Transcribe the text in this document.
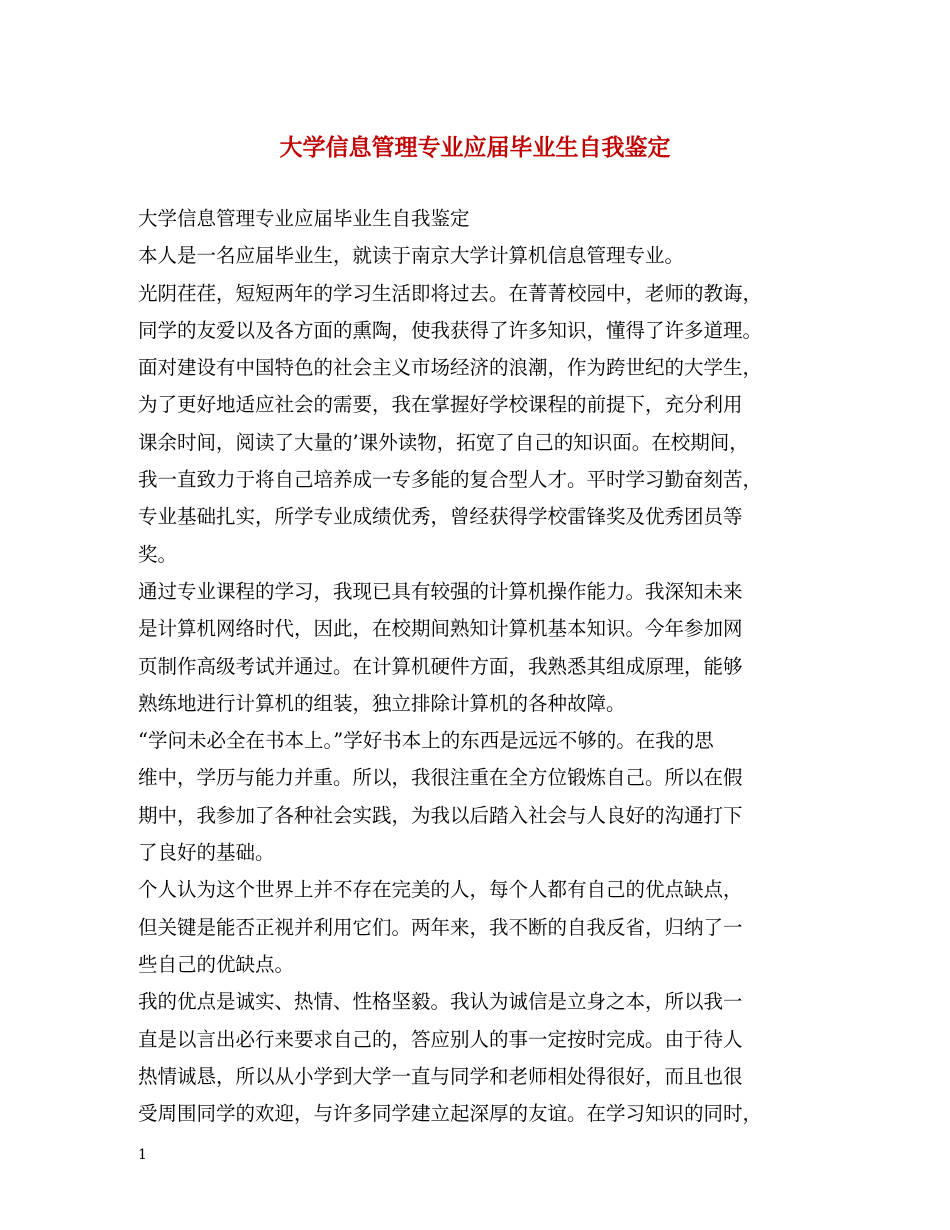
大学信息管理专业应届毕业生自我鉴定
大学信息管理专业应届毕业生自我鉴定
本人是一名应届毕业生，就读于南京大学计算机信息管理专业。
光阴荏荏，短短两年的学习生活即将过去。在菁菁校园中，老师的教诲，
同学的友爱以及各方面的熏陶，使我获得了许多知识，懂得了许多道理。
面对建设有中国特色的社会主义市场经济的浪潮，作为跨世纪的大学生，
为了更好地适应社会的需要，我在掌握好学校课程的前提下，充分利用
课余时间，阅读了大量的’课外读物，拓宽了自己的知识面。在校期间，
我一直致力于将自己培养成一专多能的复合型人才。平时学习勤奋刻苦，
专业基础扎实，所学专业成绩优秀，曾经获得学校雷锋奖及优秀团员等
奖。
通过专业课程的学习，我现已具有较强的计算机操作能力。我深知未来
是计算机网络时代，因此，在校期间熟知计算机基本知识。今年参加网
页制作高级考试并通过。在计算机硬件方面，我熟悉其组成原理，能够
熟练地进行计算机的组装，独立排除计算机的各种故障。
“学问未必全在书本上。”学好书本上的东西是远远不够的。在我的思
维中，学历与能力并重。所以，我很注重在全方位锻炼自己。所以在假
期中，我参加了各种社会实践，为我以后踏入社会与人良好的沟通打下
了良好的基础。
个人认为这个世界上并不存在完美的人，每个人都有自己的优点缺点，
但关键是能否正视并利用它们。两年来，我不断的自我反省，归纳了一
些自己的优缺点。
我的优点是诚实、热情、性格坚毅。我认为诚信是立身之本，所以我一
直是以言出必行来要求自己的，答应别人的事一定按时完成。由于待人
热情诚恳，所以从小学到大学一直与同学和老师相处得很好，而且也很
受周围同学的欢迎，与许多同学建立起深厚的友谊。在学习知识的同时，
1
